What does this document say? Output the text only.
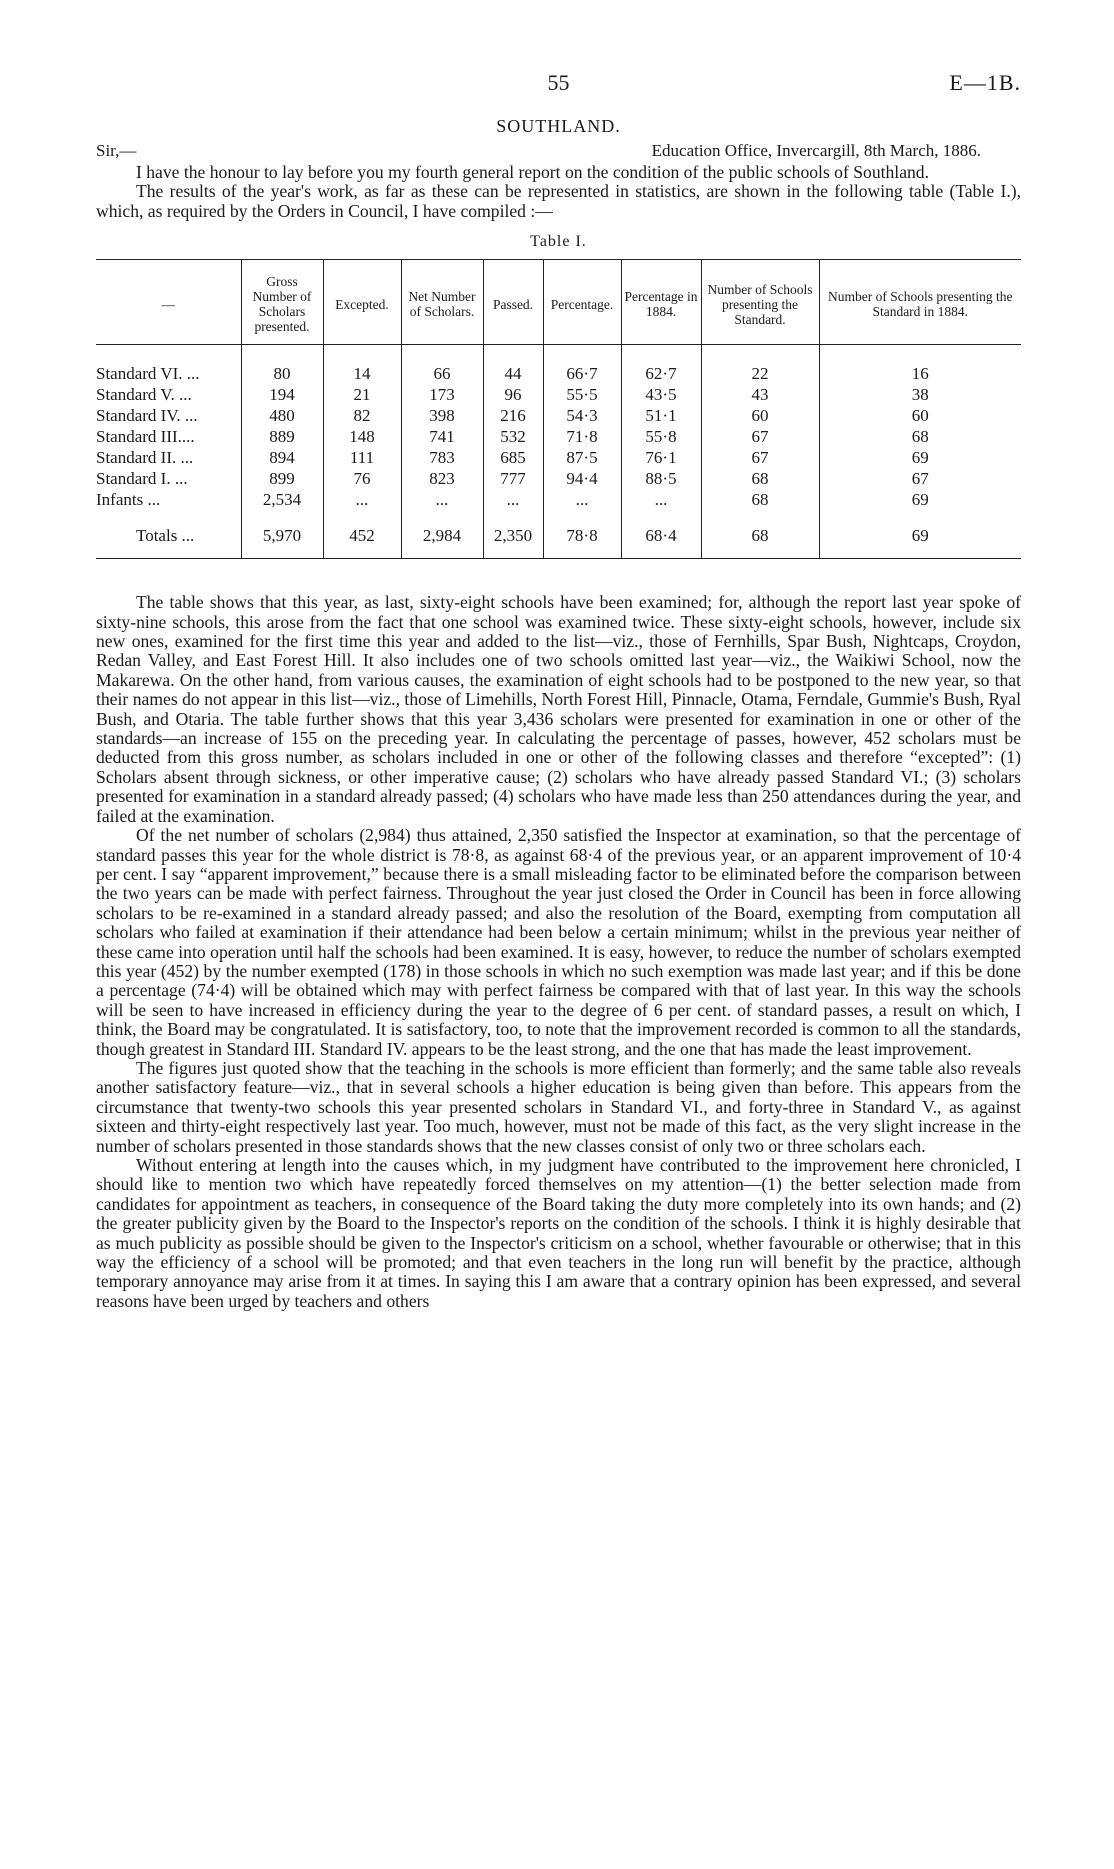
55	E—1B.
SOUTHLAND.
Sir,—	Education Office, Invercargill, 8th March, 1886.

I have the honour to lay before you my fourth general report on the condition of the public schools of Southland.

The results of the year's work, as far as these can be represented in statistics, are shown in the following table (Table I.), which, as required by the Orders in Council, I have compiled :—

Table I.
—	Gross Number of Scholars presented.	Excepted.	Net Number of Scholars.	Passed.	Percentage.	Percentage in 1884.	Number of Schools presenting the Standard.	Number of Schools presenting the Standard in 1884.

Standard VI. ...	80	14	66	44	66·7	62·7	22	16
Standard V. ...	194	21	173	96	55·5	43·5	43	38
Standard IV. ...	480	82	398	216	54·3	51·1	60	60
Standard III....	889	148	741	532	71·8	55·8	67	68
Standard II. ...	894	111	783	685	87·5	76·1	67	69
Standard I. ...	899	76	823	777	94·4	88·5	68	67
Infants ...	2,534	...	...	...	...	...	68	69

Totals ...	5,970	452	2,984	2,350	78·8	68·4	68	69

The table shows that this year, as last, sixty-eight schools have been examined; for, although the report last year spoke of sixty-nine schools, this arose from the fact that one school was examined twice. These sixty-eight schools, however, include six new ones, examined for the first time this year and added to the list—viz., those of Fernhills, Spar Bush, Nightcaps, Croydon, Redan Valley, and East Forest Hill. It also includes one of two schools omitted last year—viz., the Waikiwi School, now the Makarewa. On the other hand, from various causes, the examination of eight schools had to be postponed to the new year, so that their names do not appear in this list—viz., those of Limehills, North Forest Hill, Pinnacle, Otama, Ferndale, Gummie's Bush, Ryal Bush, and Otaria. The table further shows that this year 3,436 scholars were presented for examination in one or other of the standards—an increase of 155 on the preceding year. In calculating the percentage of passes, however, 452 scholars must be deducted from this gross number, as scholars included in one or other of the following classes and therefore “excepted”: (1) Scholars absent through sickness, or other imperative cause; (2) scholars who have already passed Standard VI.; (3) scholars presented for examination in a standard already passed; (4) scholars who have made less than 250 attendances during the year, and failed at the examination.

Of the net number of scholars (2,984) thus attained, 2,350 satisfied the Inspector at examination, so that the percentage of standard passes this year for the whole district is 78·8, as against 68·4 of the previous year, or an apparent improvement of 10·4 per cent. I say “apparent improvement,” because there is a small misleading factor to be eliminated before the comparison between the two years can be made with perfect fairness. Throughout the year just closed the Order in Council has been in force allowing scholars to be re-examined in a standard already passed; and also the resolution of the Board, exempting from computation all scholars who failed at examination if their attendance had been below a certain minimum; whilst in the previous year neither of these came into operation until half the schools had been examined. It is easy, however, to reduce the number of scholars exempted this year (452) by the number exempted (178) in those schools in which no such exemption was made last year; and if this be done a percentage (74·4) will be obtained which may with perfect fairness be compared with that of last year. In this way the schools will be seen to have increased in efficiency during the year to the degree of 6 per cent. of standard passes, a result on which, I think, the Board may be congratulated. It is satisfactory, too, to note that the improvement recorded is common to all the standards, though greatest in Standard III. Standard IV. appears to be the least strong, and the one that has made the least improvement.

The figures just quoted show that the teaching in the schools is more efficient than formerly; and the same table also reveals another satisfactory feature—viz., that in several schools a higher education is being given than before. This appears from the circumstance that twenty-two schools this year presented scholars in Standard VI., and forty-three in Standard V., as against sixteen and thirty-eight respectively last year. Too much, however, must not be made of this fact, as the very slight increase in the number of scholars presented in those standards shows that the new classes consist of only two or three scholars each.

Without entering at length into the causes which, in my judgment have contributed to the improvement here chronicled, I should like to mention two which have repeatedly forced themselves on my attention—(1) the better selection made from candidates for appointment as teachers, in consequence of the Board taking the duty more completely into its own hands; and (2) the greater publicity given by the Board to the Inspector's reports on the condition of the schools. I think it is highly desirable that as much publicity as possible should be given to the Inspector's criticism on a school, whether favourable or otherwise; that in this way the efficiency of a school will be promoted; and that even teachers in the long run will benefit by the practice, although temporary annoyance may arise from it at times. In saying this I am aware that a contrary opinion has been expressed, and several reasons have been urged by teachers and others
